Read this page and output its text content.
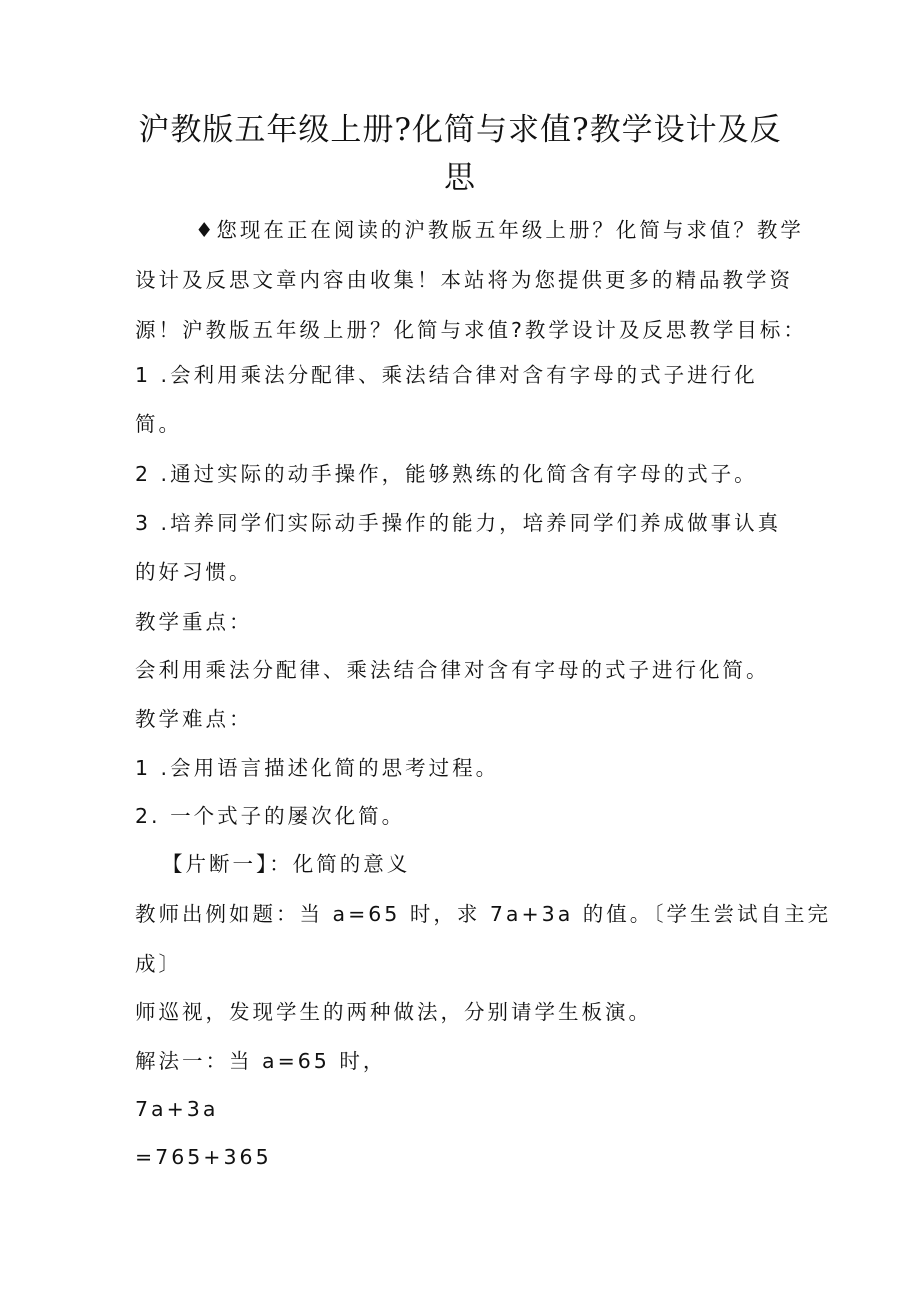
沪教版五年级上册?化简与求值?教学设计及反
思

♦您现在正在阅读的沪教版五年级上册？化简与求值？教学

设计及反思文章内容由收集！本站将为您提供更多的精品教学资

源！沪教版五年级上册？化简与求值?教学设计及反思教学目标：

1 .会利用乘法分配律、乘法结合律对含有字母的式子进行化

简。

2 .通过实际的动手操作，能够熟练的化简含有字母的式子。

3 .培养同学们实际动手操作的能力，培养同学们养成做事认真

的好习惯。

教学重点：

会利用乘法分配律、乘法结合律对含有字母的式子进行化简。

教学难点：

1 .会用语言描述化简的思考过程。

2. 一个式子的屡次化简。

【片断一】：化简的意义

教师出例如题：当 a=65 时，求 7a+3a 的值。〔学生尝试自主完

成〕

师巡视，发现学生的两种做法，分别请学生板演。

解法一：当 a=65 时，

7a+3a

=765+365
